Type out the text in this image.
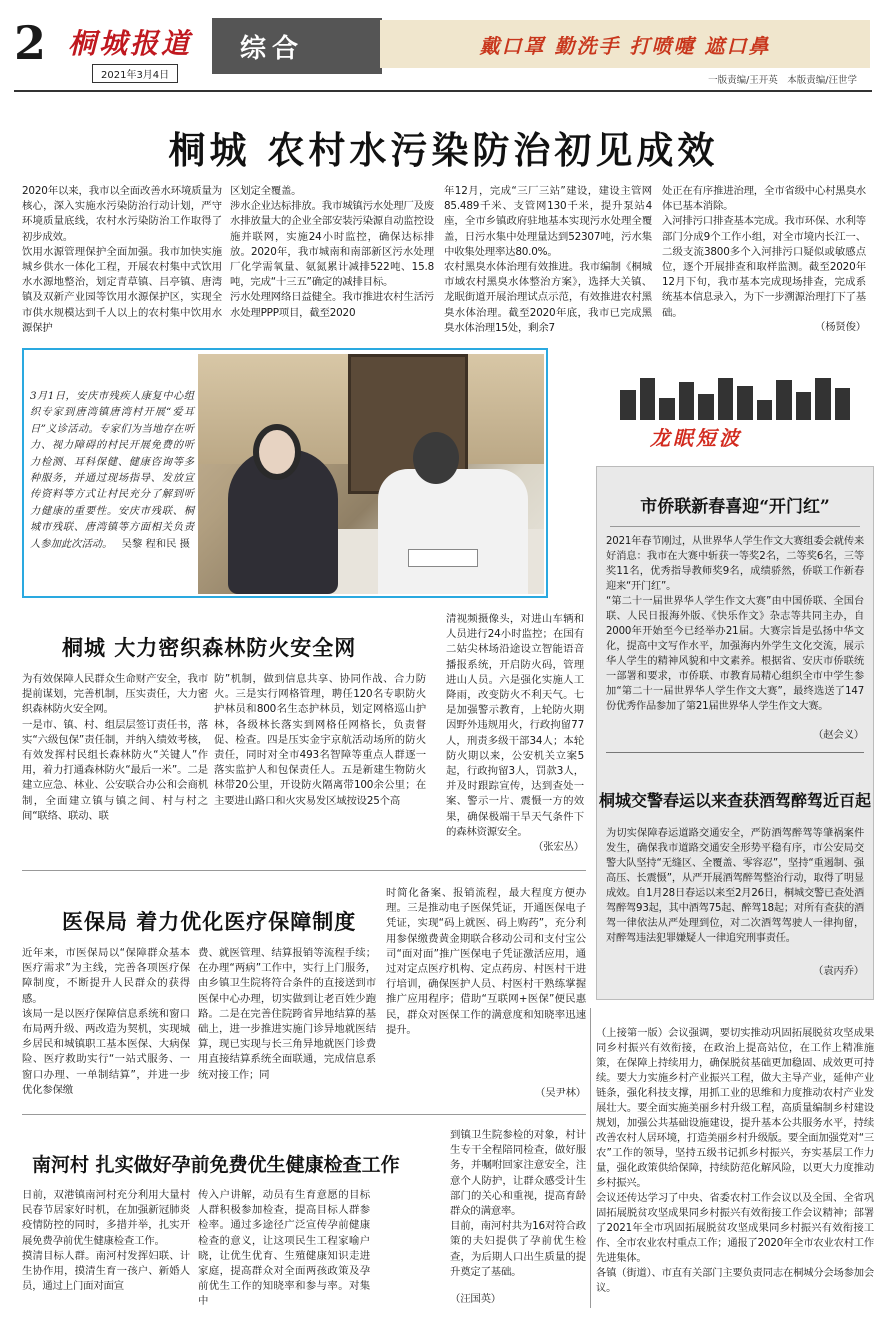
2 桐城报道
2021年3月4日
综合	戴口罩 勤洗手 打喷嚏 遮口鼻
一版责编/王开英　本版责编/汪世学
桐城 农村水污染防治初见成效
2020年以来，我市以全面改善水环境质量为核心，深入实施水污染防治行动计划，严守环境质量底线，农村水污染防治工作取得了初步成效。
饮用水源管理保护全面加强。我市加快实施城乡供水一体化工程，开展农村集中式饮用水水源地整治，划定青草镇、吕亭镇、唐湾镇及双新产业园等饮用水源保护区，实现全市供水规模达到千人以上的农村集中饮用水源保护
区划定全覆盖。
涉水企业达标排放。我市城镇污水处理厂及废水排放量大的企业全部安装污染源自动监控设施并联网，实施24小时监控，确保达标排放。2020年，我市城南和南部新区污水处理厂化学需氧量、氨氮累计减排522吨、15.8吨，完成“十三五”确定的减排目标。
污水处理网络日益健全。我市推进农村生活污水处理PPP项目，截至2020
年12月，完成“三厂三站”建设，建设主管网85.489千米、支管网130千米，提升泵站4座，全市乡镇政府驻地基本实现污水处理全覆盖，日污水集中处理量达到52307吨，污水集中收集处理率达80.0%。
农村黑臭水体治理有效推进。我市编制《桐城市域农村黑臭水体整治方案》，选择大关镇、龙眠街道开展治理试点示范，有效推进农村黑臭水体治理。截至2020年底，我市已完成黑臭水体治理15处，剩余7
处正在有序推进治理，全市省级中心村黑臭水体已基本消除。
入河排污口排查基本完成。我市环保、水利等部门分成9个工作小组，对全市境内长江一、二级支流3800多个入河排污口疑似或敏感点位，逐个开展排查和取样监测。截至2020年12月下旬，我市基本完成现场排查，完成系统基本信息录入，为下一步溯源治理打下了基础。
（杨贤俊）
3月1日，安庆市残疾人康复中心组织专家到唐湾镇唐湾村开展“爱耳日”义诊活动。专家们为当地存在听力、视力障碍的村民开展免费的听力检测、耳科保健、健康咨询等多种服务，并通过现场指导、发放宣传资料等方式让村民充分了解到听力健康的重要性。安庆市残联、桐城市残联、唐湾镇等方面相关负责人参加此次活动。 吴黎 程和民 摄
龙眠短波
市侨联新春喜迎“开门红”
2021年春节刚过，从世界华人学生作文大赛组委会就传来好消息：我市在大赛中斩获一等奖2名，二等奖6名，三等奖11名，优秀指导教师奖9名，成绩骄然，侨联工作新春迎来“开门红”。
“第二十一届世界华人学生作文大赛”由中国侨联、全国台联、人民日报海外版、《快乐作文》杂志等共同主办，自2000年开始至今已经举办21届。大赛宗旨是弘扬中华文化，提高中文写作水平，加强海内外学生文化交流，展示华人学生的精神风貌和中文素养。根据省、安庆市侨联统一部署和要求，市侨联、市教育局精心组织全市中学生参加“第二十一届世界华人学生作文大赛”，最终选送了147份优秀作品参加了第21届世界华人学生作文大赛。
（赵会义）
桐城交警春运以来查获酒驾醉驾近百起
为切实保障春运道路交通安全，严防酒驾醉驾等肇祸案件发生，确保我市道路交通安全形势平稳有序，市公安局交警大队坚持“无缝区、全覆盖、零容忍”，坚持“重遏制、强高压、长震慑”，从严开展酒驾醉驾整治行动，取得了明显成效。自1月28日春运以来至2月26日，桐城交警已查处酒驾醉驾93起，其中酒驾75起、醉驾18起；对所有查获的酒驾一律依法从严处理到位，对二次酒驾驾驶人一律拘留，对醉驾违法犯罪嫌疑人一律追究刑事责任。
（袁丙乔）
桐城 大力密织森林防火安全网
清视频摄像头，对进山车辆和人员进行24小时监控；在国有二姑尖林场沿途设立智能语音播报系统，开启防火码，管理进山人员。六是强化实施人工降雨，改变防火不利天气。七是加强警示教育，上轮防火期因野外违规用火，行政拘留77人，刑责多级干部34人；本轮防火期以来，公安机关立案5起，行政拘留3人，罚款3人，并及时跟踪宣传，达到查处一案、警示一片、震慑一方的效果，确保极端干旱天气条件下的森林资源安全。
为有效保障人民群众生命财产安全，我市提前谋划，完善机制，压实责任，大力密织森林防火安全网。
一是市、镇、村、组层层签订责任书，落实“六级包保”责任制，并纳入绩效考核，有效发挥村民组长森林防火“关键人”作用，着力打通森林防火“最后一米”。二是建立应急、林业、公安联合办公和会商机制，全面建立镇与镇之间、村与村之间“联络、联动、联
防”机制，做到信息共享、协同作战、合力防火。三是实行网格管理，聘任120名专职防火护林员和800名生态护林员，划定网格巡山护林，各级林长落实到网格任网格长，负责督促、检查。四是压实金宇京航活动场所的防火责任，同时对全市493名智障等重点人群逐一落实监护人和包保责任人。五是新建生物防火林带20公里，开设防火隔离带100余公里；在主要进山路口和火灾易发区域按设25个高
（张宏丛）
医保局 着力优化医疗保障制度
时简化备案、报销流程，最大程度方便办理。三是推动电子医保凭证，开通医保电子凭证，实现“码上就医、码上购药”，充分利用参保缴费黄金期联合移动公司和支付宝公司“面对面”推广医保电子凭证激活应用，通过对定点医疗机构、定点药房、村医村干进行培训，确保医护人员、村医村干熟练掌握推广应用程序；借助“互联网+医保”便民惠民，群众对医保工作的满意度和知晓率迅速提升。
近年来，市医保局以“保障群众基本医疗需求”为主线，完善各项医疗保障制度，不断提升人民群众的获得感。
该局一是以医疗保障信息系统和窗口布局两升级、两改造为契机，实现城乡居民和城镇职工基本医保、大病保险、医疗救助实行“一站式服务、一窗口办理、一单制结算”，并进一步优化参保缴
费、就医管理、结算报销等流程手续；在办理“两病”工作中，实行上门服务，由乡镇卫生院将符合条件的直接送到市医保中心办理，切实做到让老百姓少跑路。二是在完善住院跨省异地结算的基础上，进一步推进实施门诊异地就医结算，现已实现与长三角异地就医门诊费用直接结算系统全面联通，完成信息系统对接工作；同
（吴尹林）
南河村 扎实做好孕前免费优生健康检查工作
到镇卫生院参检的对象，村计生专干全程陪同检查，做好服务，并嘱咐回家注意安全，注意个人防护，让群众感受计生部门的关心和重视，提高育龄群众的满意率。
目前，南河村共为16对符合政策的夫妇提供了孕前优生检查，为后期人口出生质量的提升奠定了基础。
日前，双港镇南河村充分利用大量村民春节居家好时机，在加强新冠肺炎疫情防控的同时，多措并举，扎实开展免费孕前优生健康检查工作。
摸清目标人群。南河村发挥妇联、计生协作用，摸清生育一孩户、新婚人员，通过上门面对面宣
传入户讲解，动员有生育意愿的目标人群积极参加检查，提高目标人群参检率。通过多途径广泛宣传孕前健康检查的意义，让这项民生工程家喻户晓，让优生优育、生殖健康知识走进家庭，提高群众对全面两孩政策及孕前优生工作的知晓率和参与率。对集中	（汪国英）
（上接第一版）会议强调，要切实推动巩固拓展脱贫攻坚成果同乡村振兴有效衔接，在政治上提高站位，在工作上精准施策，在保障上持续用力，确保脱贫基础更加稳固、成效更可持续。要大力实施乡村产业振兴工程，做大主导产业，延伸产业链条，强化科技支撑，用抓工业的思维和力度推动农村产业发展壮大。要全面实施美丽乡村升级工程，高质量编制乡村建设规划，加强公共基础设施建设，提升基本公共服务水平，持续改善农村人居环境，打造美丽乡村升级版。要全面加强党对“三农”工作的领导，坚持五级书记抓乡村振兴，夯实基层工作力量，强化政策供给保障，持续防范化解风险，以更大力度推动乡村振兴。
会议还传达学习了中央、省委农村工作会议以及全国、全省巩固拓展脱贫攻坚成果同乡村振兴有效衔接工作会议精神；部署了2021年全市巩固拓展脱贫攻坚成果同乡村振兴有效衔接工作、全市农业农村重点工作；通报了2020年全市农业农村工作先进集体。
各镇（街道）、市直有关部门主要负责同志在桐城分会场参加会议。
